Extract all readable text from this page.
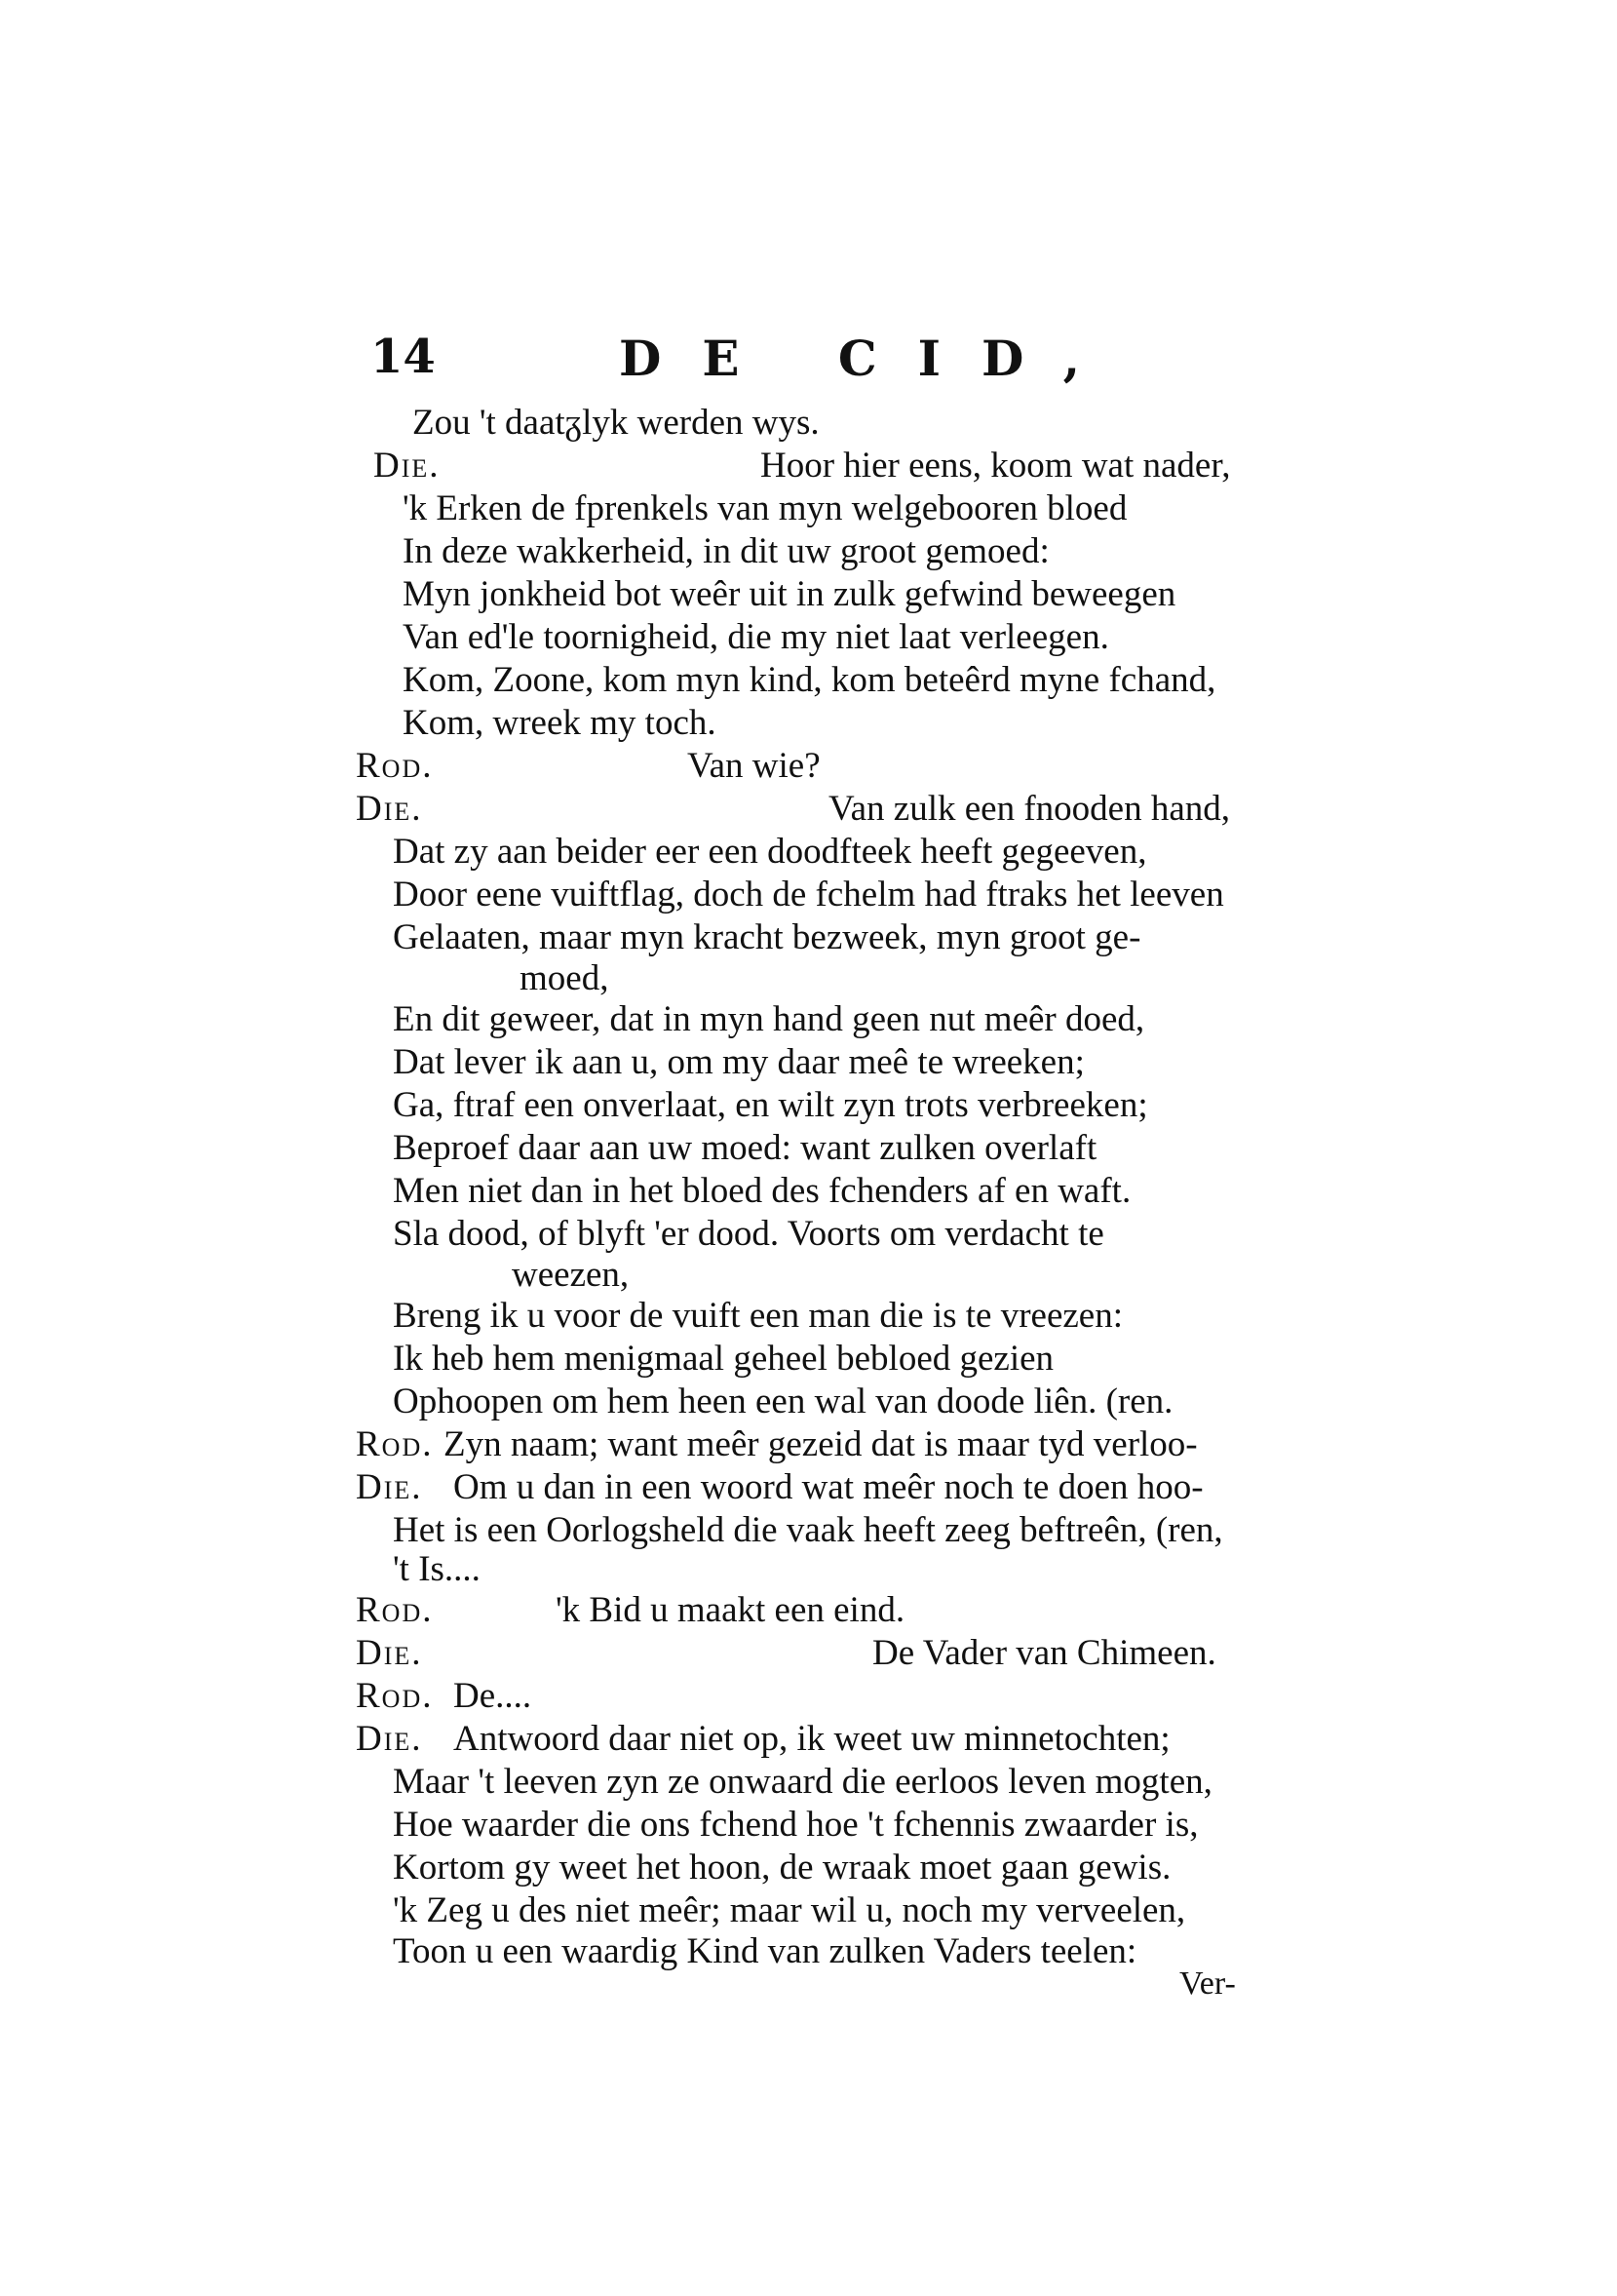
14	DE CID,
Zou 't daatᵹlyk werden wys.
Die.	Hoor hier eens, koom wat nader,
'k Erken de fprenkels van myn welgebooren bloed
In deze wakkerheid, in dit uw groot gemoed:
Myn jonkheid bot weêr uit in zulk gefwind beweegen
Van ed'le toornigheid, die my niet laat verleegen.
Kom, Zoone, kom myn kind, kom beteêrd myne fchand,
Kom, wreek my toch.
Rod.	Van wie?
Die.	Van zulk een fnooden hand,
Dat zy aan beider eer een doodfteek heeft gegeeven,
Door eene vuiftflag, doch de fchelm had ftraks het leeven
Gelaaten, maar myn kracht bezweek, myn groot ge-
moed,
En dit geweer, dat in myn hand geen nut meêr doed,
Dat lever ik aan u, om my daar meê te wreeken;
Ga, ftraf een onverlaat, en wilt zyn trots verbreeken;
Beproef daar aan uw moed: want zulken overlaft
Men niet dan in het bloed des fchenders af en waft.
Sla dood, of blyft 'er dood. Voorts om verdacht te
weezen,
Breng ik u voor de vuift een man die is te vreezen:
Ik heb hem menigmaal geheel bebloed gezien
Ophoopen om hem heen een wal van doode liên. (ren.
Rod. Zyn naam; want meêr gezeid dat is maar tyd verloo-
Die. Om u dan in een woord wat meêr noch te doen hoo-
Het is een Oorlogsheld die vaak heeft zeeg beftreên, (ren,
't Is....
Rod.	'k Bid u maakt een eind.
Die.	De Vader van Chimeen.
Rod. De....
Die. Antwoord daar niet op, ik weet uw minnetochten;
Maar 't leeven zyn ze onwaard die eerloos leven mogten,
Hoe waarder die ons fchend hoe 't fchennis zwaarder is,
Kortom gy weet het hoon, de wraak moet gaan gewis.
'k Zeg u des niet meêr; maar wil u, noch my verveelen,
Toon u een waardig Kind van zulken Vaders teelen:
Ver-
